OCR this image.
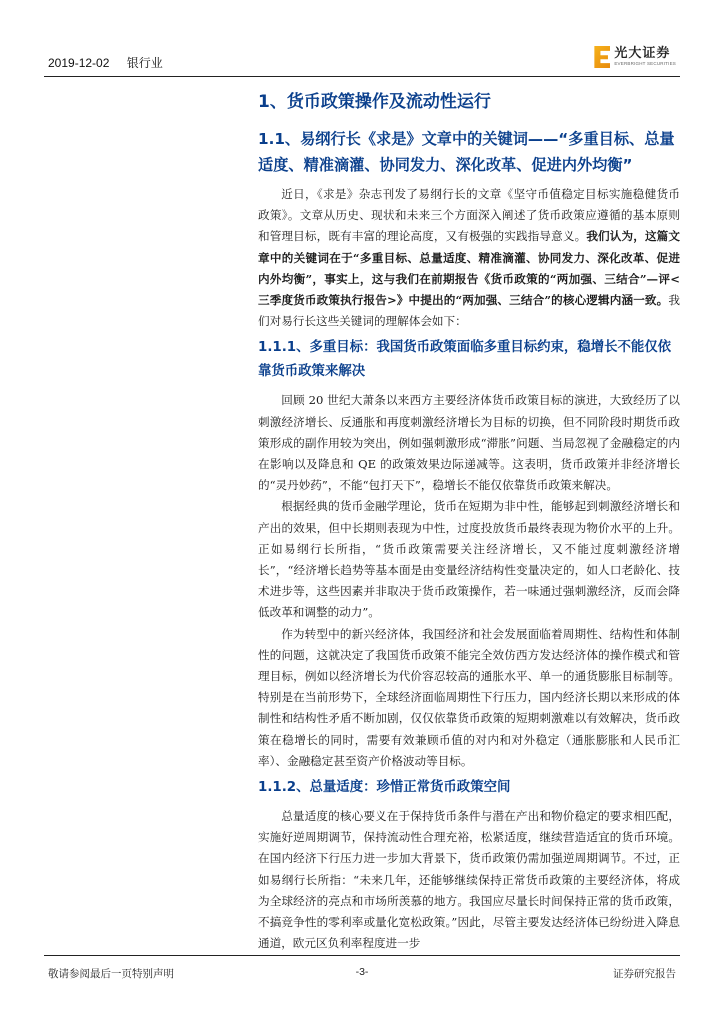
2019-12-02 银行业
光大证券
EVERBRIGHT SECURITIES
1、货币政策操作及流动性运行
1.1、易纲行长《求是》文章中的关键词——“多重目标、总量适度、精准滴灌、协同发力、深化改革、促进内外均衡”

近日，《求是》杂志刊发了易纲行长的文章《坚守币值稳定目标实施稳健货币政策》。文章从历史、现状和未来三个方面深入阐述了货币政策应遵循的基本原则和管理目标，既有丰富的理论高度，又有极强的实践指导意义。我们认为，这篇文章中的关键词在于“多重目标、总量适度、精准滴灌、协同发力、深化改革、促进内外均衡”，事实上，这与我们在前期报告《货币政策的“两加强、三结合”—评<三季度货币政策执行报告>》中提出的“两加强、三结合”的核心逻辑内涵一致。我们对易行长这些关键词的理解体会如下：

1.1.1、多重目标：我国货币政策面临多重目标约束，稳增长不能仅依靠货币政策来解决

回顾 20 世纪大萧条以来西方主要经济体货币政策目标的演进，大致经历了以刺激经济增长、反通胀和再度刺激经济增长为目标的切换，但不同阶段时期货币政策形成的副作用较为突出，例如强刺激形成“滞胀”问题、当局忽视了金融稳定的内在影响以及降息和 QE 的政策效果边际递减等。这表明，货币政策并非经济增长的“灵丹妙药”，不能“包打天下”，稳增长不能仅依靠货币政策来解决。

根据经典的货币金融学理论，货币在短期为非中性，能够起到刺激经济增长和产出的效果，但中长期则表现为中性，过度投放货币最终表现为物价水平的上升。正如易纲行长所指，“货币政策需要关注经济增长，又不能过度刺激经济增长”，“经济增长趋势等基本面是由变量经济结构性变量决定的，如人口老龄化、技术进步等，这些因素并非取决于货币政策操作，若一味通过强刺激经济，反而会降低改革和调整的动力”。

作为转型中的新兴经济体，我国经济和社会发展面临着周期性、结构性和体制性的问题，这就决定了我国货币政策不能完全效仿西方发达经济体的操作模式和管理目标，例如以经济增长为代价容忍较高的通胀水平、单一的通货膨胀目标制等。特别是在当前形势下，全球经济面临周期性下行压力，国内经济长期以来形成的体制性和结构性矛盾不断加剧，仅仅依靠货币政策的短期刺激难以有效解决，货币政策在稳增长的同时，需要有效兼顾币值的对内和对外稳定（通胀膨胀和人民币汇率）、金融稳定甚至资产价格波动等目标。

1.1.2、总量适度：珍惜正常货币政策空间

总量适度的核心要义在于保持货币条件与潜在产出和物价稳定的要求相匹配，实施好逆周期调节，保持流动性合理充裕，松紧适度，继续营造适宜的货币环境。在国内经济下行压力进一步加大背景下，货币政策仍需加强逆周期调节。不过，正如易纲行长所指：“未来几年，还能够继续保持正常货币政策的主要经济体，将成为全球经济的亮点和市场所羡慕的地方。我国应尽量长时间保持正常的货币政策，不搞竞争性的零利率或量化宽松政策。”因此，尽管主要发达经济体已纷纷进入降息通道，欧元区负利率程度进一步

敬请参阅最后一页特别声明	-3-	证券研究报告
